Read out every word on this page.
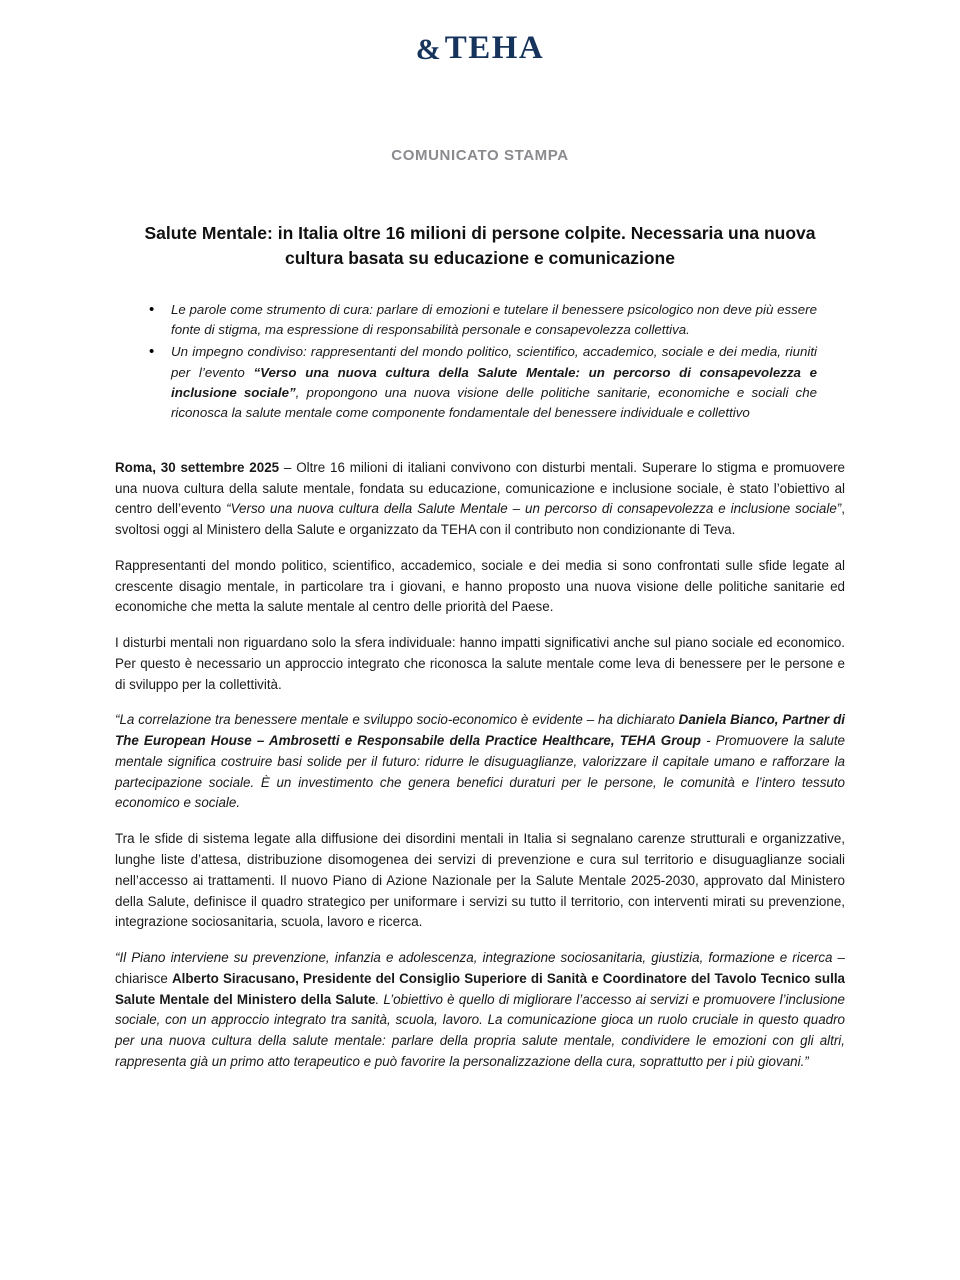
& TEHA
COMUNICATO STAMPA
Salute Mentale: in Italia oltre 16 milioni di persone colpite. Necessaria una nuova cultura basata su educazione e comunicazione
• Le parole come strumento di cura: parlare di emozioni e tutelare il benessere psicologico non deve più essere fonte di stigma, ma espressione di responsabilità personale e consapevolezza collettiva.
• Un impegno condiviso: rappresentanti del mondo politico, scientifico, accademico, sociale e dei media, riuniti per l’evento “Verso una nuova cultura della Salute Mentale: un percorso di consapevolezza e inclusione sociale”, propongono una nuova visione delle politiche sanitarie, economiche e sociali che riconosca la salute mentale come componente fondamentale del benessere individuale e collettivo

Roma, 30 settembre 2025 – Oltre 16 milioni di italiani convivono con disturbi mentali. Superare lo stigma e promuovere una nuova cultura della salute mentale, fondata su educazione, comunicazione e inclusione sociale, è stato l’obiettivo al centro dell’evento “Verso una nuova cultura della Salute Mentale – un percorso di consapevolezza e inclusione sociale”, svoltosi oggi al Ministero della Salute e organizzato da TEHA con il contributo non condizionante di Teva.

Rappresentanti del mondo politico, scientifico, accademico, sociale e dei media si sono confrontati sulle sfide legate al crescente disagio mentale, in particolare tra i giovani, e hanno proposto una nuova visione delle politiche sanitarie ed economiche che metta la salute mentale al centro delle priorità del Paese.

I disturbi mentali non riguardano solo la sfera individuale: hanno impatti significativi anche sul piano sociale ed economico. Per questo è necessario un approccio integrato che riconosca la salute mentale come leva di benessere per le persone e di sviluppo per la collettività.

“La correlazione tra benessere mentale e sviluppo socio-economico è evidente – ha dichiarato Daniela Bianco, Partner di The European House – Ambrosetti e Responsabile della Practice Healthcare, TEHA Group - Promuovere la salute mentale significa costruire basi solide per il futuro: ridurre le disuguaglianze, valorizzare il capitale umano e rafforzare la partecipazione sociale. È un investimento che genera benefici duraturi per le persone, le comunità e l’intero tessuto economico e sociale.

Tra le sfide di sistema legate alla diffusione dei disordini mentali in Italia si segnalano carenze strutturali e organizzative, lunghe liste d’attesa, distribuzione disomogenea dei servizi di prevenzione e cura sul territorio e disuguaglianze sociali nell’accesso ai trattamenti. Il nuovo Piano di Azione Nazionale per la Salute Mentale 2025-2030, approvato dal Ministero della Salute, definisce il quadro strategico per uniformare i servizi su tutto il territorio, con interventi mirati su prevenzione, integrazione sociosanitaria, scuola, lavoro e ricerca.

“Il Piano interviene su prevenzione, infanzia e adolescenza, integrazione sociosanitaria, giustizia, formazione e ricerca – chiarisce Alberto Siracusano, Presidente del Consiglio Superiore di Sanità e Coordinatore del Tavolo Tecnico sulla Salute Mentale del Ministero della Salute. L’obiettivo è quello di migliorare l’accesso ai servizi e promuovere l’inclusione sociale, con un approccio integrato tra sanità, scuola, lavoro. La comunicazione gioca un ruolo cruciale in questo quadro per una nuova cultura della salute mentale: parlare della propria salute mentale, condividere le emozioni con gli altri, rappresenta già un primo atto terapeutico e può favorire la personalizzazione della cura, soprattutto per i più giovani.”
